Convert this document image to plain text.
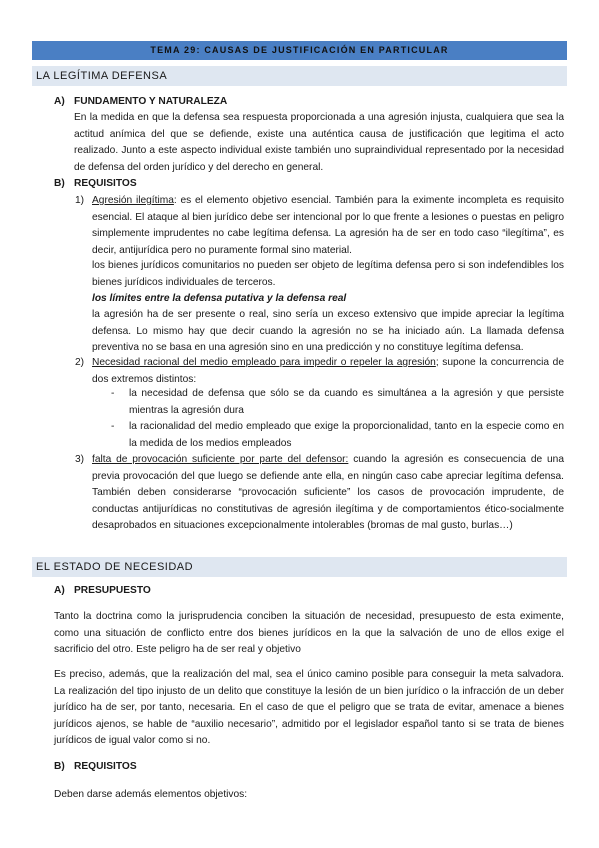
TEMA 29: CAUSAS DE JUSTIFICACIÓN EN PARTICULAR
LA LEGÍTIMA DEFENSA
A) FUNDAMENTO Y NATURALEZA
En la medida en que la defensa sea respuesta proporcionada a una agresión injusta, cualquiera que sea la actitud anímica del que se defiende, existe una auténtica causa de justificación que legitima el acto realizado. Junto a este aspecto individual existe también uno supraindividual representado por la necesidad de defensa del orden jurídico y del derecho en general.
B) REQUISITOS
1) Agresión ilegítima: es el elemento objetivo esencial. También para la eximente incompleta es requisito esencial. El ataque al bien jurídico debe ser intencional por lo que frente a lesiones o puestas en peligro simplemente imprudentes no cabe legítima defensa. La agresión ha de ser en todo caso “ilegítima”, es decir, antijurídica pero no puramente formal sino material.
los bienes jurídicos comunitarios no pueden ser objeto de legítima defensa pero si son indefendibles los bienes jurídicos individuales de terceros.
los límites entre la defensa putativa y la defensa real
la agresión ha de ser presente o real, sino sería un exceso extensivo que impide apreciar la legítima defensa. Lo mismo hay que decir cuando la agresión no se ha iniciado aún. La llamada defensa preventiva no se basa en una agresión sino en una predicción y no constituye legítima defensa.
2) Necesidad racional del medio empleado para impedir o repeler la agresión; supone la concurrencia de dos extremos distintos:
- la necesidad de defensa que sólo se da cuando es simultánea a la agresión y que persiste mientras la agresión dura
- la racionalidad del medio empleado que exige la proporcionalidad, tanto en la especie como en la medida de los medios empleados
3) falta de provocación suficiente por parte del defensor: cuando la agresión es consecuencia de una previa provocación del que luego se defiende ante ella, en ningún caso cabe apreciar legítima defensa. También deben considerarse “provocación suficiente” los casos de provocación imprudente, de conductas antijurídicas no constitutivas de agresión ilegítima y de comportamientos ético-socialmente desaprobados en situaciones excepcionalmente intolerables (bromas de mal gusto, burlas…)
EL ESTADO DE NECESIDAD
A) PRESUPUESTO
Tanto la doctrina como la jurisprudencia conciben la situación de necesidad, presupuesto de esta eximente, como una situación de conflicto entre dos bienes jurídicos en la que la salvación de uno de ellos exige el sacrificio del otro. Este peligro ha de ser real y objetivo
Es preciso, además, que la realización del mal, sea el único camino posible para conseguir la meta salvadora. La realización del tipo injusto de un delito que constituye la lesión de un bien jurídico o la infracción de un deber jurídico ha de ser, por tanto, necesaria. En el caso de que el peligro que se trata de evitar, amenace a bienes jurídicos ajenos, se hable de “auxilio necesario”, admitido por el legislador español tanto si se trata de bienes jurídicos de igual valor como si no.
B) REQUISITOS
Deben darse además elementos objetivos:
